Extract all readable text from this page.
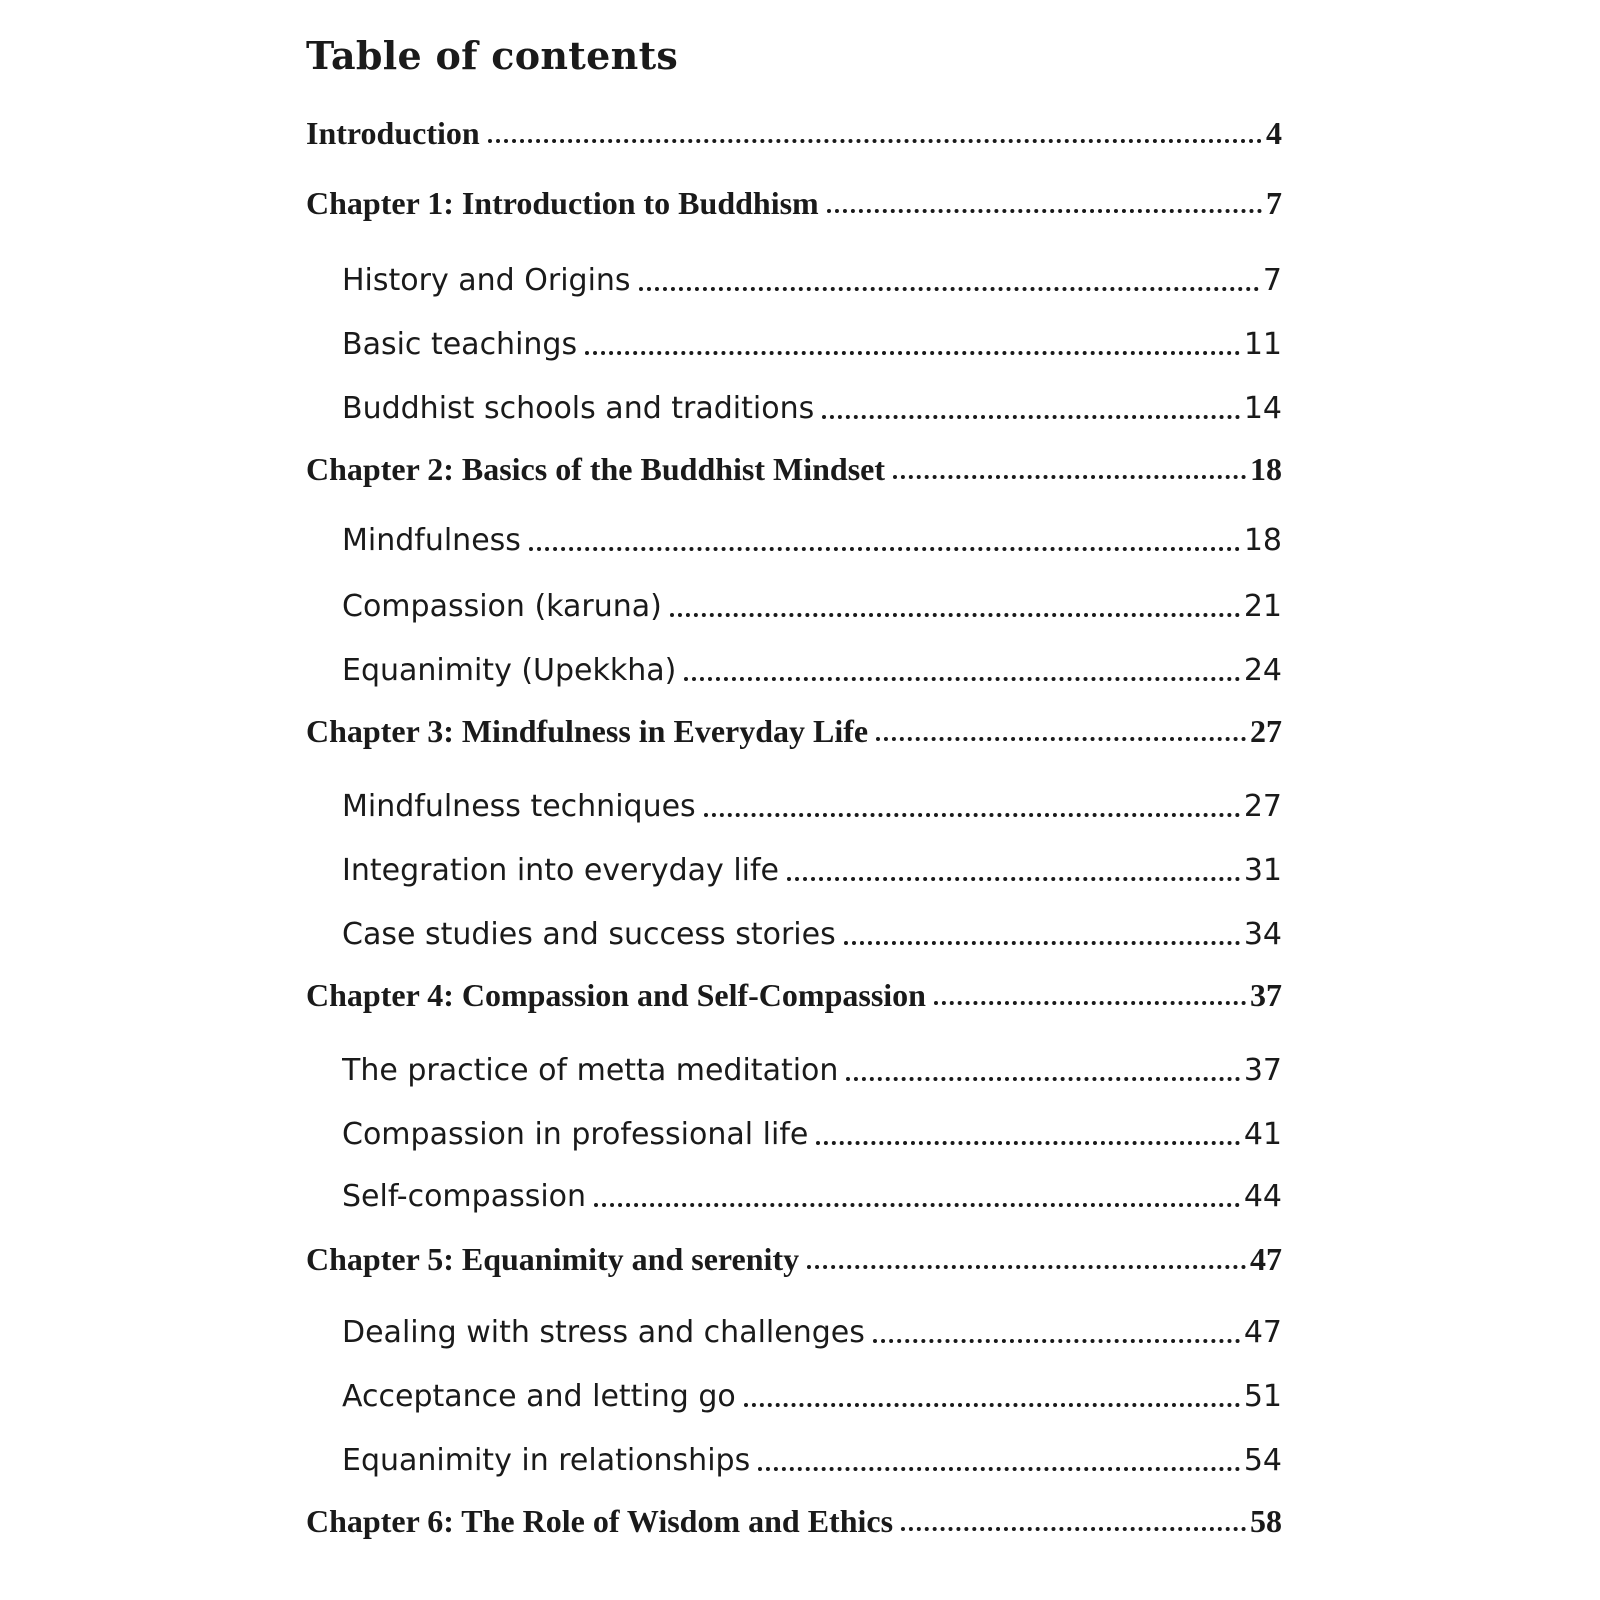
Table of contents
Introduction	4
Chapter 1: Introduction to Buddhism	7
History and Origins	7
Basic teachings	11
Buddhist schools and traditions	14
Chapter 2: Basics of the Buddhist Mindset	18
Mindfulness	18
Compassion (karuna)	21
Equanimity (Upekkha)	24
Chapter 3: Mindfulness in Everyday Life	27
Mindfulness techniques	27
Integration into everyday life	31
Case studies and success stories	34
Chapter 4: Compassion and Self-Compassion	37
The practice of metta meditation	37
Compassion in professional life	41
Self-compassion	44
Chapter 5: Equanimity and serenity	47
Dealing with stress and challenges	47
Acceptance and letting go	51
Equanimity in relationships	54
Chapter 6: The Role of Wisdom and Ethics	58
